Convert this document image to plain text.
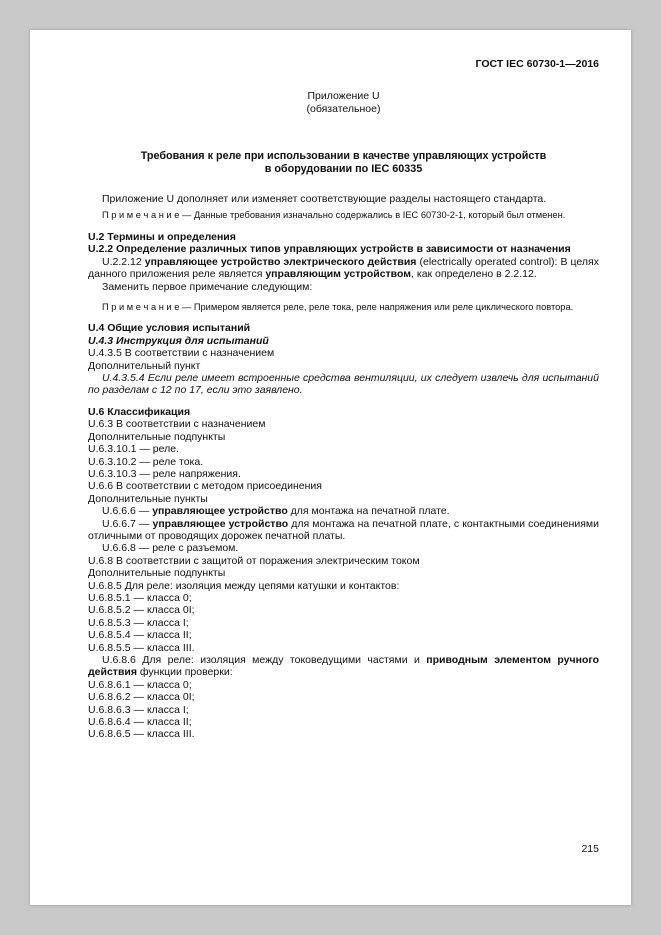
ГОСТ IEC 60730-1—2016
Приложение U
(обязательное)
Требования к реле при использовании в качестве управляющих устройств
в оборудовании по IEC 60335

Приложение U дополняет или изменяет соответствующие разделы настоящего стандарта.

П р и м е ч а н и е — Данные требования изначально содержались в IEC 60730-2-1, который был отменен.

U.2 Термины и определения

U.2.2 Определение различных типов управляющих устройств в зависимости от назначения

U.2.2.12 управляющее устройство электрического действия (electrically operated control): В целях данного приложения реле является управляющим устройством, как определено в 2.2.12.

Заменить первое примечание следующим:

П р и м е ч а н и е — Примером является реле, реле тока, реле напряжения или реле циклического повтора.

U.4 Общие условия испытаний

U.4.3 Инструкция для испытаний

U.4.3.5 В соответствии с назначением

Дополнительный пункт

U.4.3.5.4 Если реле имеет встроенные средства вентиляции, их следует извлечь для испытаний по разделам с 12 по 17, если это заявлено.

U.6 Классификация

U.6.3 В соответствии с назначением

Дополнительные подпункты

U.6.3.10.1 — реле.

U.6.3.10.2 — реле тока.

U.6.3.10.3 — реле напряжения.

U.6.6 В соответствии с методом присоединения

Дополнительные пункты

U.6.6.6 — управляющее устройство для монтажа на печатной плате.

U.6.6.7 — управляющее устройство для монтажа на печатной плате, с контактными соединениями отличными от проводящих дорожек печатной платы.

U.6.6.8 — реле с разъемом.

U.6.8 В соответствии с защитой от поражения электрическим током

Дополнительные подпункты

U.6.8.5 Для реле: изоляция между цепями катушки и контактов:

U.6.8.5.1 — класса 0;

U.6.8.5.2 — класса 0I;

U.6.8.5.3 — класса I;

U.6.8.5.4 — класса II;

U.6.8.5.5 — класса III.

U.6.8.6 Для реле: изоляция между токоведущими частями и приводным элементом ручного действия функции проверки:

U.6.8.6.1 — класса 0;

U.6.8.6.2 — класса 0I;

U.6.8.6.3 — класса I;

U.6.8.6.4 — класса II;

U.6.8.6.5 — класса III.

215
